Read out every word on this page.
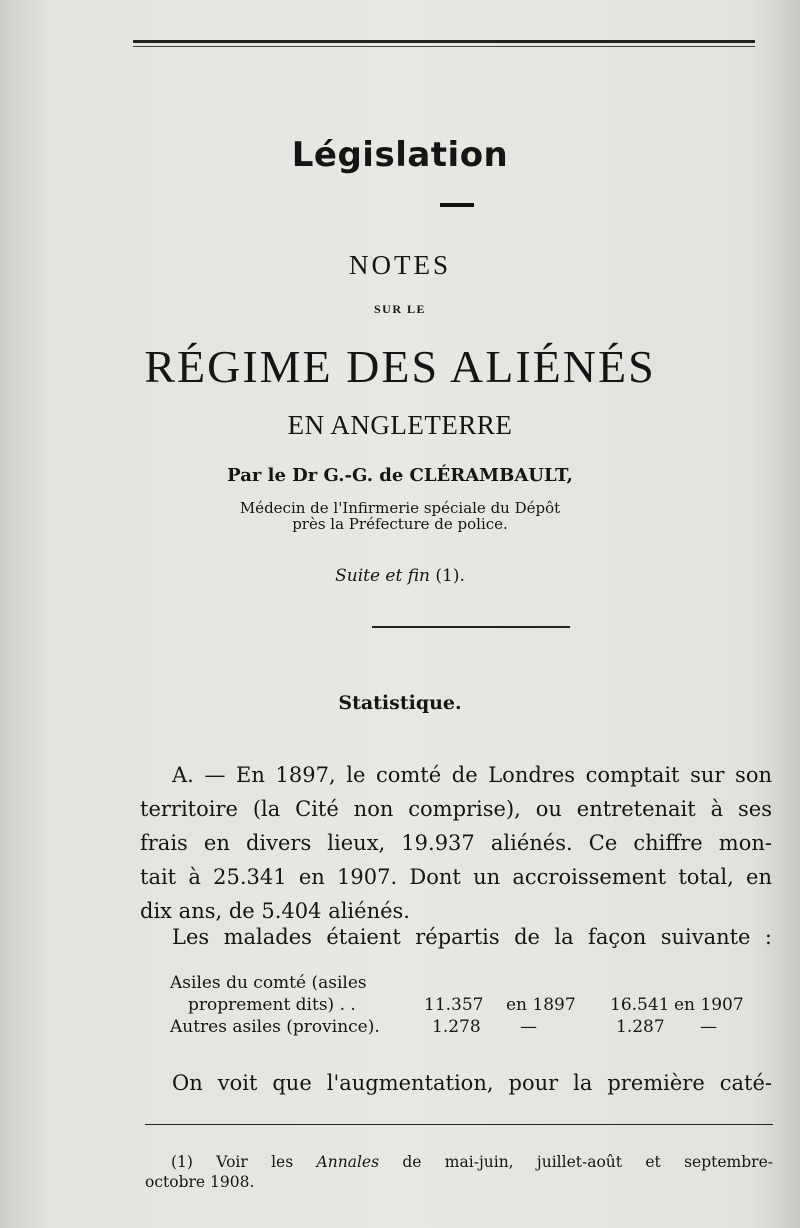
Législation
NOTES
SUR LE
RÉGIME DES ALIÉNÉS
EN ANGLETERRE
Par le Dr G.-G. de CLÉRAMBAULT,
Médecin de l'Infirmerie spéciale du Dépôt
près la Préfecture de police.
Suite et fin (1).
Statistique.
A. — En 1897, le comté de Londres comptait sur son
territoire (la Cité non comprise), ou entretenait à ses
frais en divers lieux, 19.937 aliénés. Ce chiffre mon-
tait à 25.341 en 1907. Dont un accroissement total, en
dix ans, de 5.404 aliénés.
Les malades étaient répartis de la façon suivante :
Asiles du comté (asiles
proprement dits) . .	11.357 en 1897 16.541 en 1907
Autres asiles (province).	1.278 —	1.287 —
On voit que l'augmentation, pour la première caté-
(1) Voir les Annales de mai-juin, juillet-août et septembre-
octobre 1908.
